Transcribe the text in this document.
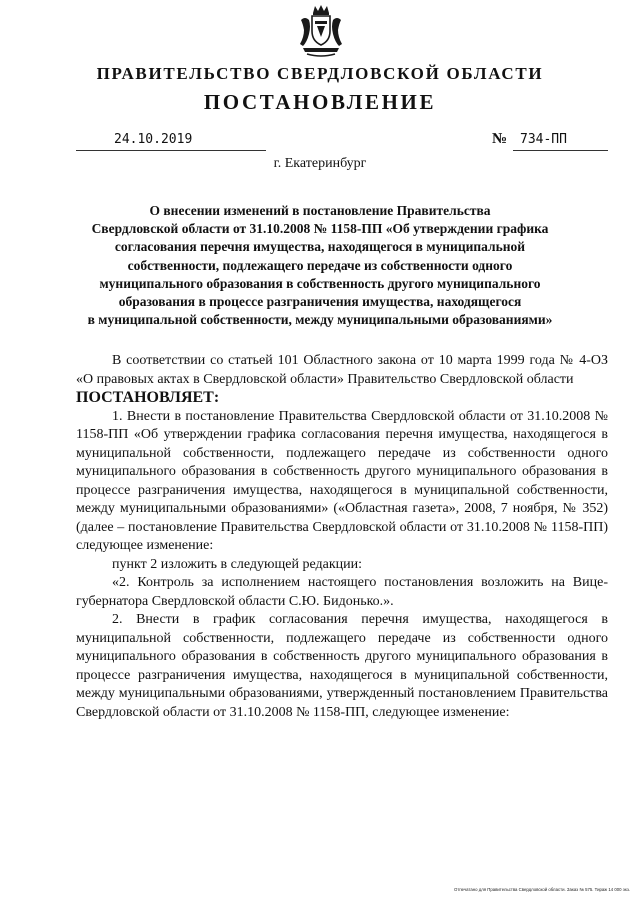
ПРАВИТЕЛЬСТВО СВЕРДЛОВСКОЙ ОБЛАСТИ
ПОСТАНОВЛЕНИЕ
24.10.2019	№ 734-ПП
г. Екатеринбург
О внесении изменений в постановление Правительства
Свердловской области от 31.10.2008 № 1158-ПП «Об утверждении графика
согласования перечня имущества, находящегося в муниципальной
собственности, подлежащего передаче из собственности одного
муниципального образования в собственность другого муниципального
образования в процессе разграничения имущества, находящегося
в муниципальной собственности, между муниципальными образованиями»

В соответствии со статьей 101 Областного закона от 10 марта 1999 года № 4-ОЗ «О правовых актах в Свердловской области» Правительство Свердловской области

ПОСТАНОВЛЯЕТ:

1. Внести в постановление Правительства Свердловской области от 31.10.2008 № 1158-ПП «Об утверждении графика согласования перечня имущества, находящегося в муниципальной собственности, подлежащего передаче из собственности одного муниципального образования в собственность другого муниципального образования в процессе разграничения имущества, находящегося в муниципальной собственности, между муниципальными образованиями» («Областная газета», 2008, 7 ноября, № 352) (далее – постановление Правительства Свердловской области от 31.10.2008 № 1158-ПП) следующее изменение:

пункт 2 изложить в следующей редакции:

«2. Контроль за исполнением настоящего постановления возложить на Вице-губернатора Свердловской области С.Ю. Бидонько.».

2. Внести в график согласования перечня имущества, находящегося в муниципальной собственности, подлежащего передаче из собственности одного муниципального образования в собственность другого муниципального образования в процессе разграничения имущества, находящегося в муниципальной собственности, между муниципальными образованиями, утвержденный постановлением Правительства Свердловской области от 31.10.2008 № 1158-ПП, следующее изменение:

Отпечатано для Правительства Свердловской области. Заказ № 575. Тираж 14 000 экз.
